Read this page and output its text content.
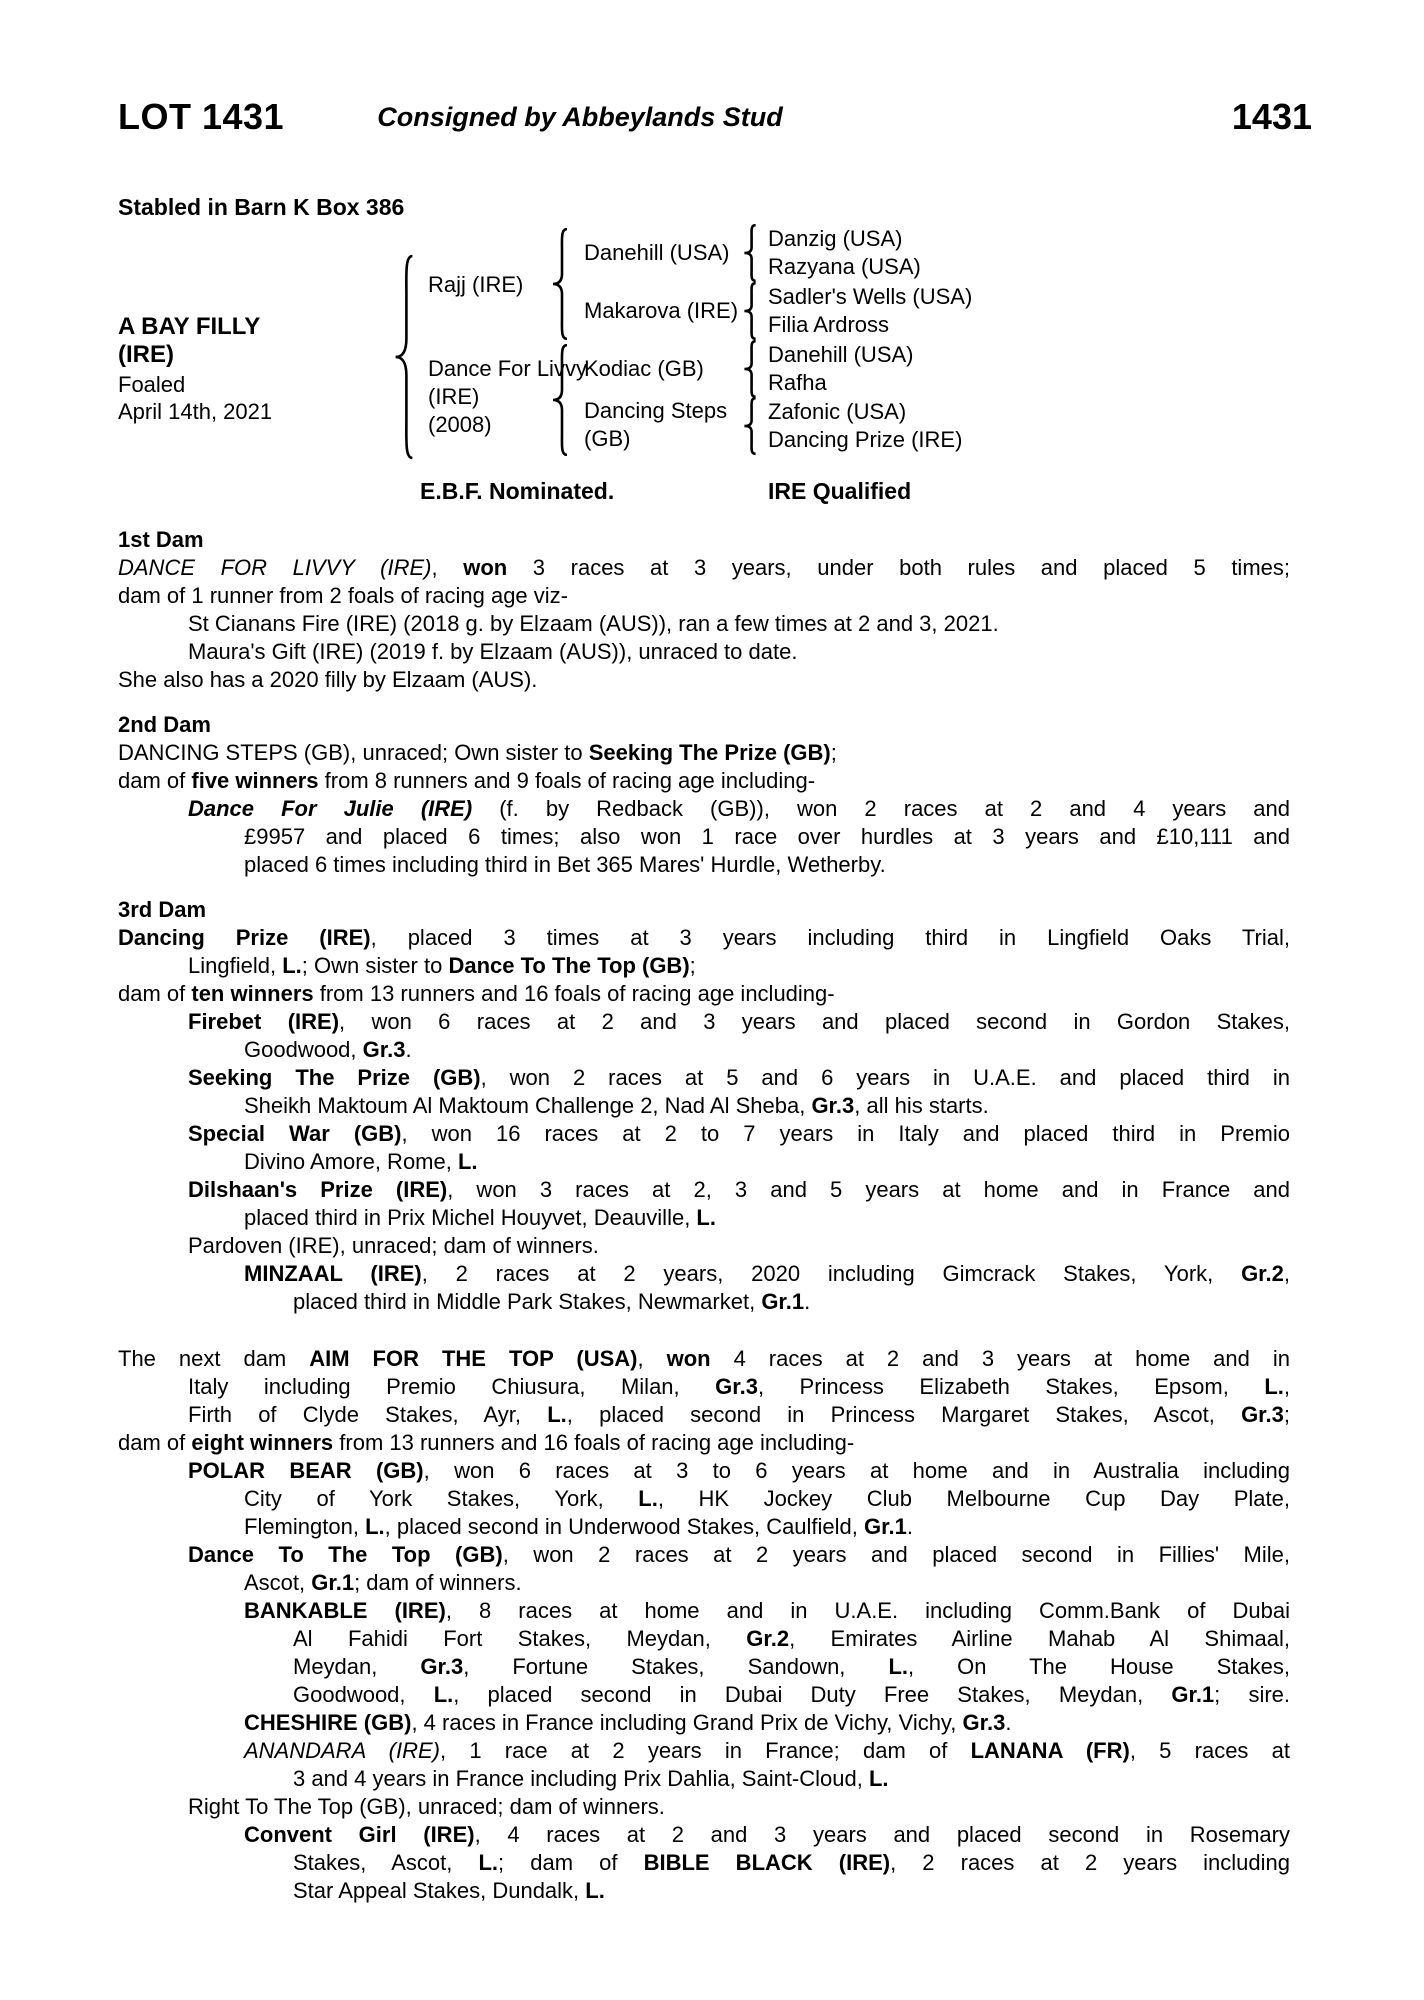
LOT 1431	Consigned by Abbeylands Stud	1431
Stabled in Barn K Box 386
A BAY FILLY
(IRE)
Foaled
April 14th, 2021
Rajj (IRE)
Dance For Livvy
(IRE)
(2008)
Danehill (USA)
Makarova (IRE)
Kodiac (GB)
Dancing Steps
(GB)
Danzig (USA)
Razyana (USA)
Sadler's Wells (USA)
Filia Ardross
Danehill (USA)
Rafha
Zafonic (USA)
Dancing Prize (IRE)
E.B.F. Nominated.	IRE Qualified
1st Dam
DANCE FOR LIVVY (IRE), won 3 races at 3 years, under both rules and placed 5 times;
dam of 1 runner from 2 foals of racing age viz-
St Cianans Fire (IRE) (2018 g. by Elzaam (AUS)), ran a few times at 2 and 3, 2021.
Maura's Gift (IRE) (2019 f. by Elzaam (AUS)), unraced to date.
She also has a 2020 filly by Elzaam (AUS).
2nd Dam
DANCING STEPS (GB), unraced; Own sister to Seeking The Prize (GB);
dam of five winners from 8 runners and 9 foals of racing age including-
Dance For Julie (IRE) (f. by Redback (GB)), won 2 races at 2 and 4 years and
£9957 and placed 6 times; also won 1 race over hurdles at 3 years and £10,111 and
placed 6 times including third in Bet 365 Mares' Hurdle, Wetherby.
3rd Dam
Dancing Prize (IRE), placed 3 times at 3 years including third in Lingfield Oaks Trial,
Lingfield, L.; Own sister to Dance To The Top (GB);
dam of ten winners from 13 runners and 16 foals of racing age including-
Firebet (IRE), won 6 races at 2 and 3 years and placed second in Gordon Stakes,
Goodwood, Gr.3.
Seeking The Prize (GB), won 2 races at 5 and 6 years in U.A.E. and placed third in
Sheikh Maktoum Al Maktoum Challenge 2, Nad Al Sheba, Gr.3, all his starts.
Special War (GB), won 16 races at 2 to 7 years in Italy and placed third in Premio
Divino Amore, Rome, L.
Dilshaan's Prize (IRE), won 3 races at 2, 3 and 5 years at home and in France and
placed third in Prix Michel Houyvet, Deauville, L.
Pardoven (IRE), unraced; dam of winners.
MINZAAL (IRE), 2 races at 2 years, 2020 including Gimcrack Stakes, York, Gr.2,
placed third in Middle Park Stakes, Newmarket, Gr.1.
The next dam AIM FOR THE TOP (USA), won 4 races at 2 and 3 years at home and in
Italy including Premio Chiusura, Milan, Gr.3, Princess Elizabeth Stakes, Epsom, L.,
Firth of Clyde Stakes, Ayr, L., placed second in Princess Margaret Stakes, Ascot, Gr.3;
dam of eight winners from 13 runners and 16 foals of racing age including-
POLAR BEAR (GB), won 6 races at 3 to 6 years at home and in Australia including
City of York Stakes, York, L., HK Jockey Club Melbourne Cup Day Plate,
Flemington, L., placed second in Underwood Stakes, Caulfield, Gr.1.
Dance To The Top (GB), won 2 races at 2 years and placed second in Fillies' Mile,
Ascot, Gr.1; dam of winners.
BANKABLE (IRE), 8 races at home and in U.A.E. including Comm.Bank of Dubai
Al Fahidi Fort Stakes, Meydan, Gr.2, Emirates Airline Mahab Al Shimaal,
Meydan, Gr.3, Fortune Stakes, Sandown, L., On The House Stakes,
Goodwood, L., placed second in Dubai Duty Free Stakes, Meydan, Gr.1; sire.
CHESHIRE (GB), 4 races in France including Grand Prix de Vichy, Vichy, Gr.3.
ANANDARA (IRE), 1 race at 2 years in France; dam of LANANA (FR), 5 races at
3 and 4 years in France including Prix Dahlia, Saint-Cloud, L.
Right To The Top (GB), unraced; dam of winners.
Convent Girl (IRE), 4 races at 2 and 3 years and placed second in Rosemary
Stakes, Ascot, L.; dam of BIBLE BLACK (IRE), 2 races at 2 years including
Star Appeal Stakes, Dundalk, L.
